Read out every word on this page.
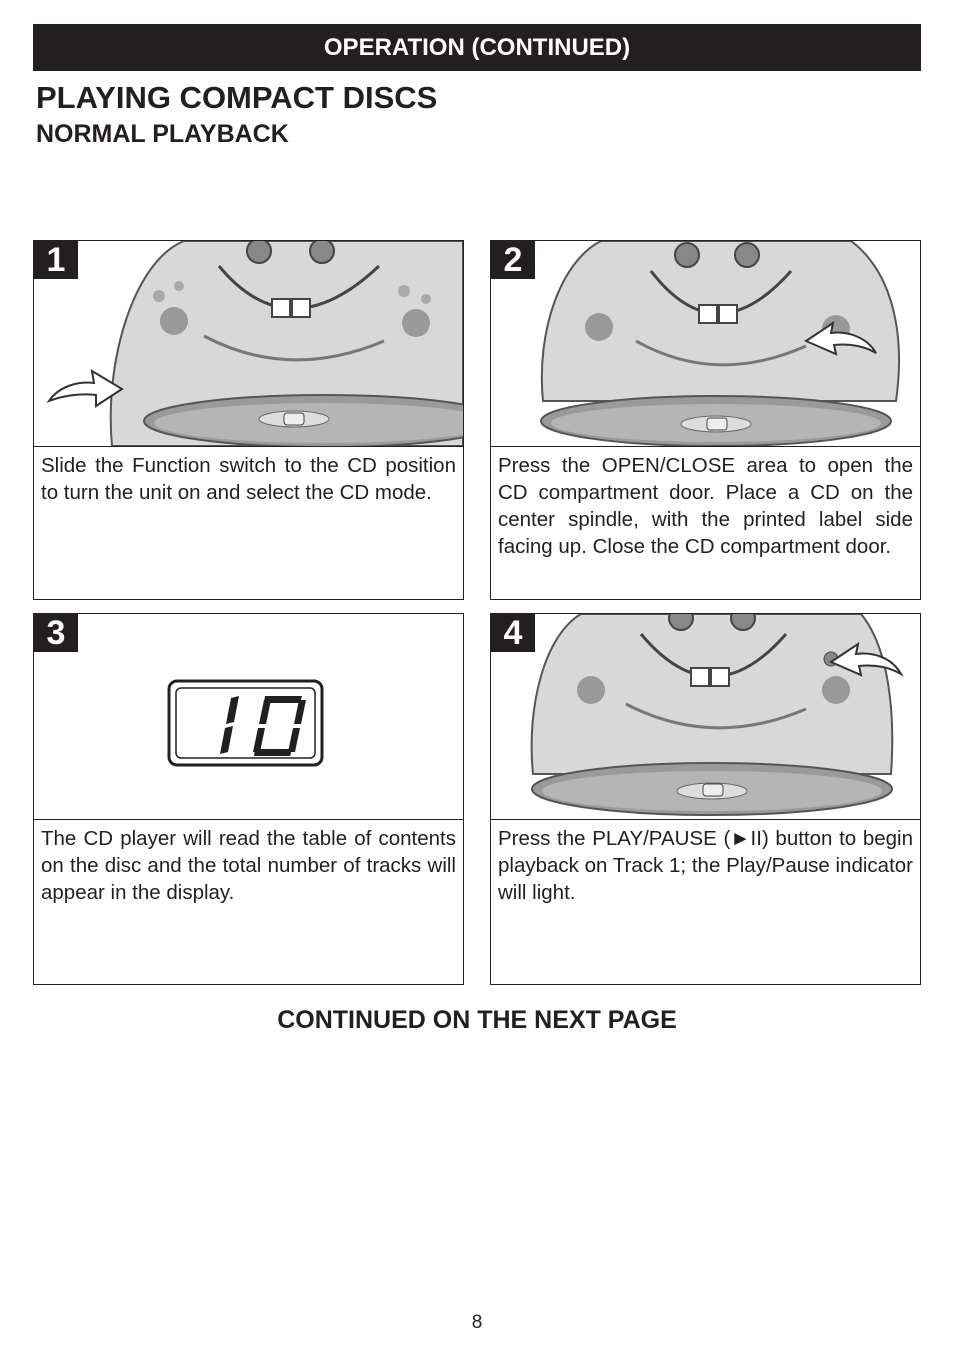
OPERATION (CONTINUED)
PLAYING COMPACT DISCS
NORMAL PLAYBACK
1
Slide the Function switch to the CD position to turn the unit on and select the CD mode.
2
Press the OPEN/CLOSE area to open the CD compartment door. Place a CD on the center spindle, with the printed label side facing up. Close the CD compartment door.
3
The CD player will read the table of contents on the disc and the total number of tracks will appear in the display.
4
Press the PLAY/PAUSE (►II) button to begin playback on Track 1; the Play/Pause indicator will light.
CONTINUED ON THE NEXT PAGE
8
